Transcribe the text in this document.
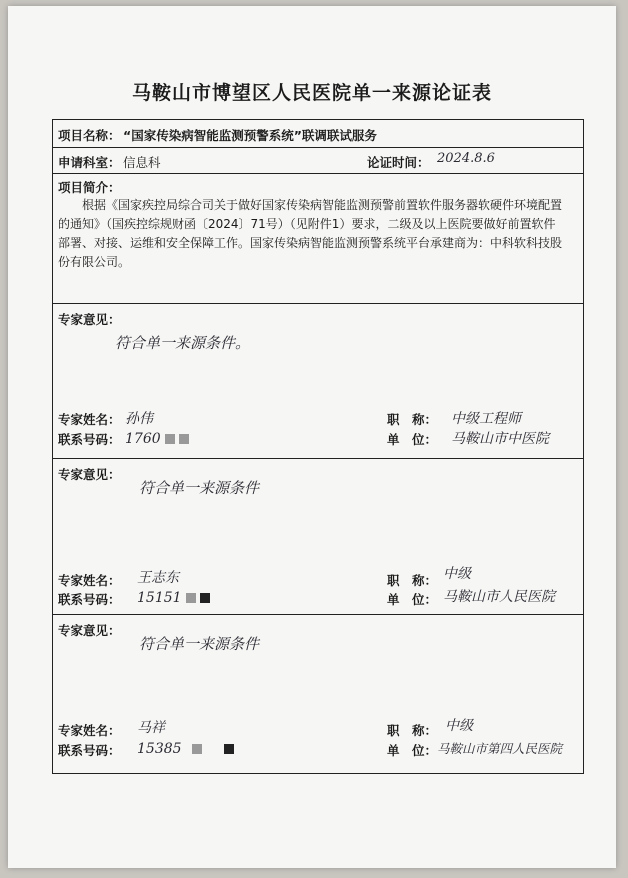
马鞍山市博望区人民医院单一来源论证表
项目名称： “国家传染病智能监测预警系统”联调联试服务
申请科室： 信息科	论证时间： 2024.8.6
项目简介：

根据《国家疾控局综合司关于做好国家传染病智能监测预警前置软件服务器软硬件环境配置的通知》（国疾控综规财函〔2024〕71号）（见附件1）要求，二级及以上医院要做好前置软件部署、对接、运维和安全保障工作。国家传染病智能监测预警系统平台承建商为：中科软科技股份有限公司。

专家意见：
符合单一来源条件。
专家姓名： 孙伟
联系号码： 1760
职　称： 中级工程师
单　位： 马鞍山市中医院
专家意见：
符合单一来源条件
专家姓名： 王志东
联系号码： 15151
职　称： 中级
单　位： 马鞍山市人民医院
专家意见：
符合单一来源条件
专家姓名： 马祥
联系号码： 15385
职　称： 中级
单　位： 马鞍山市第四人民医院
